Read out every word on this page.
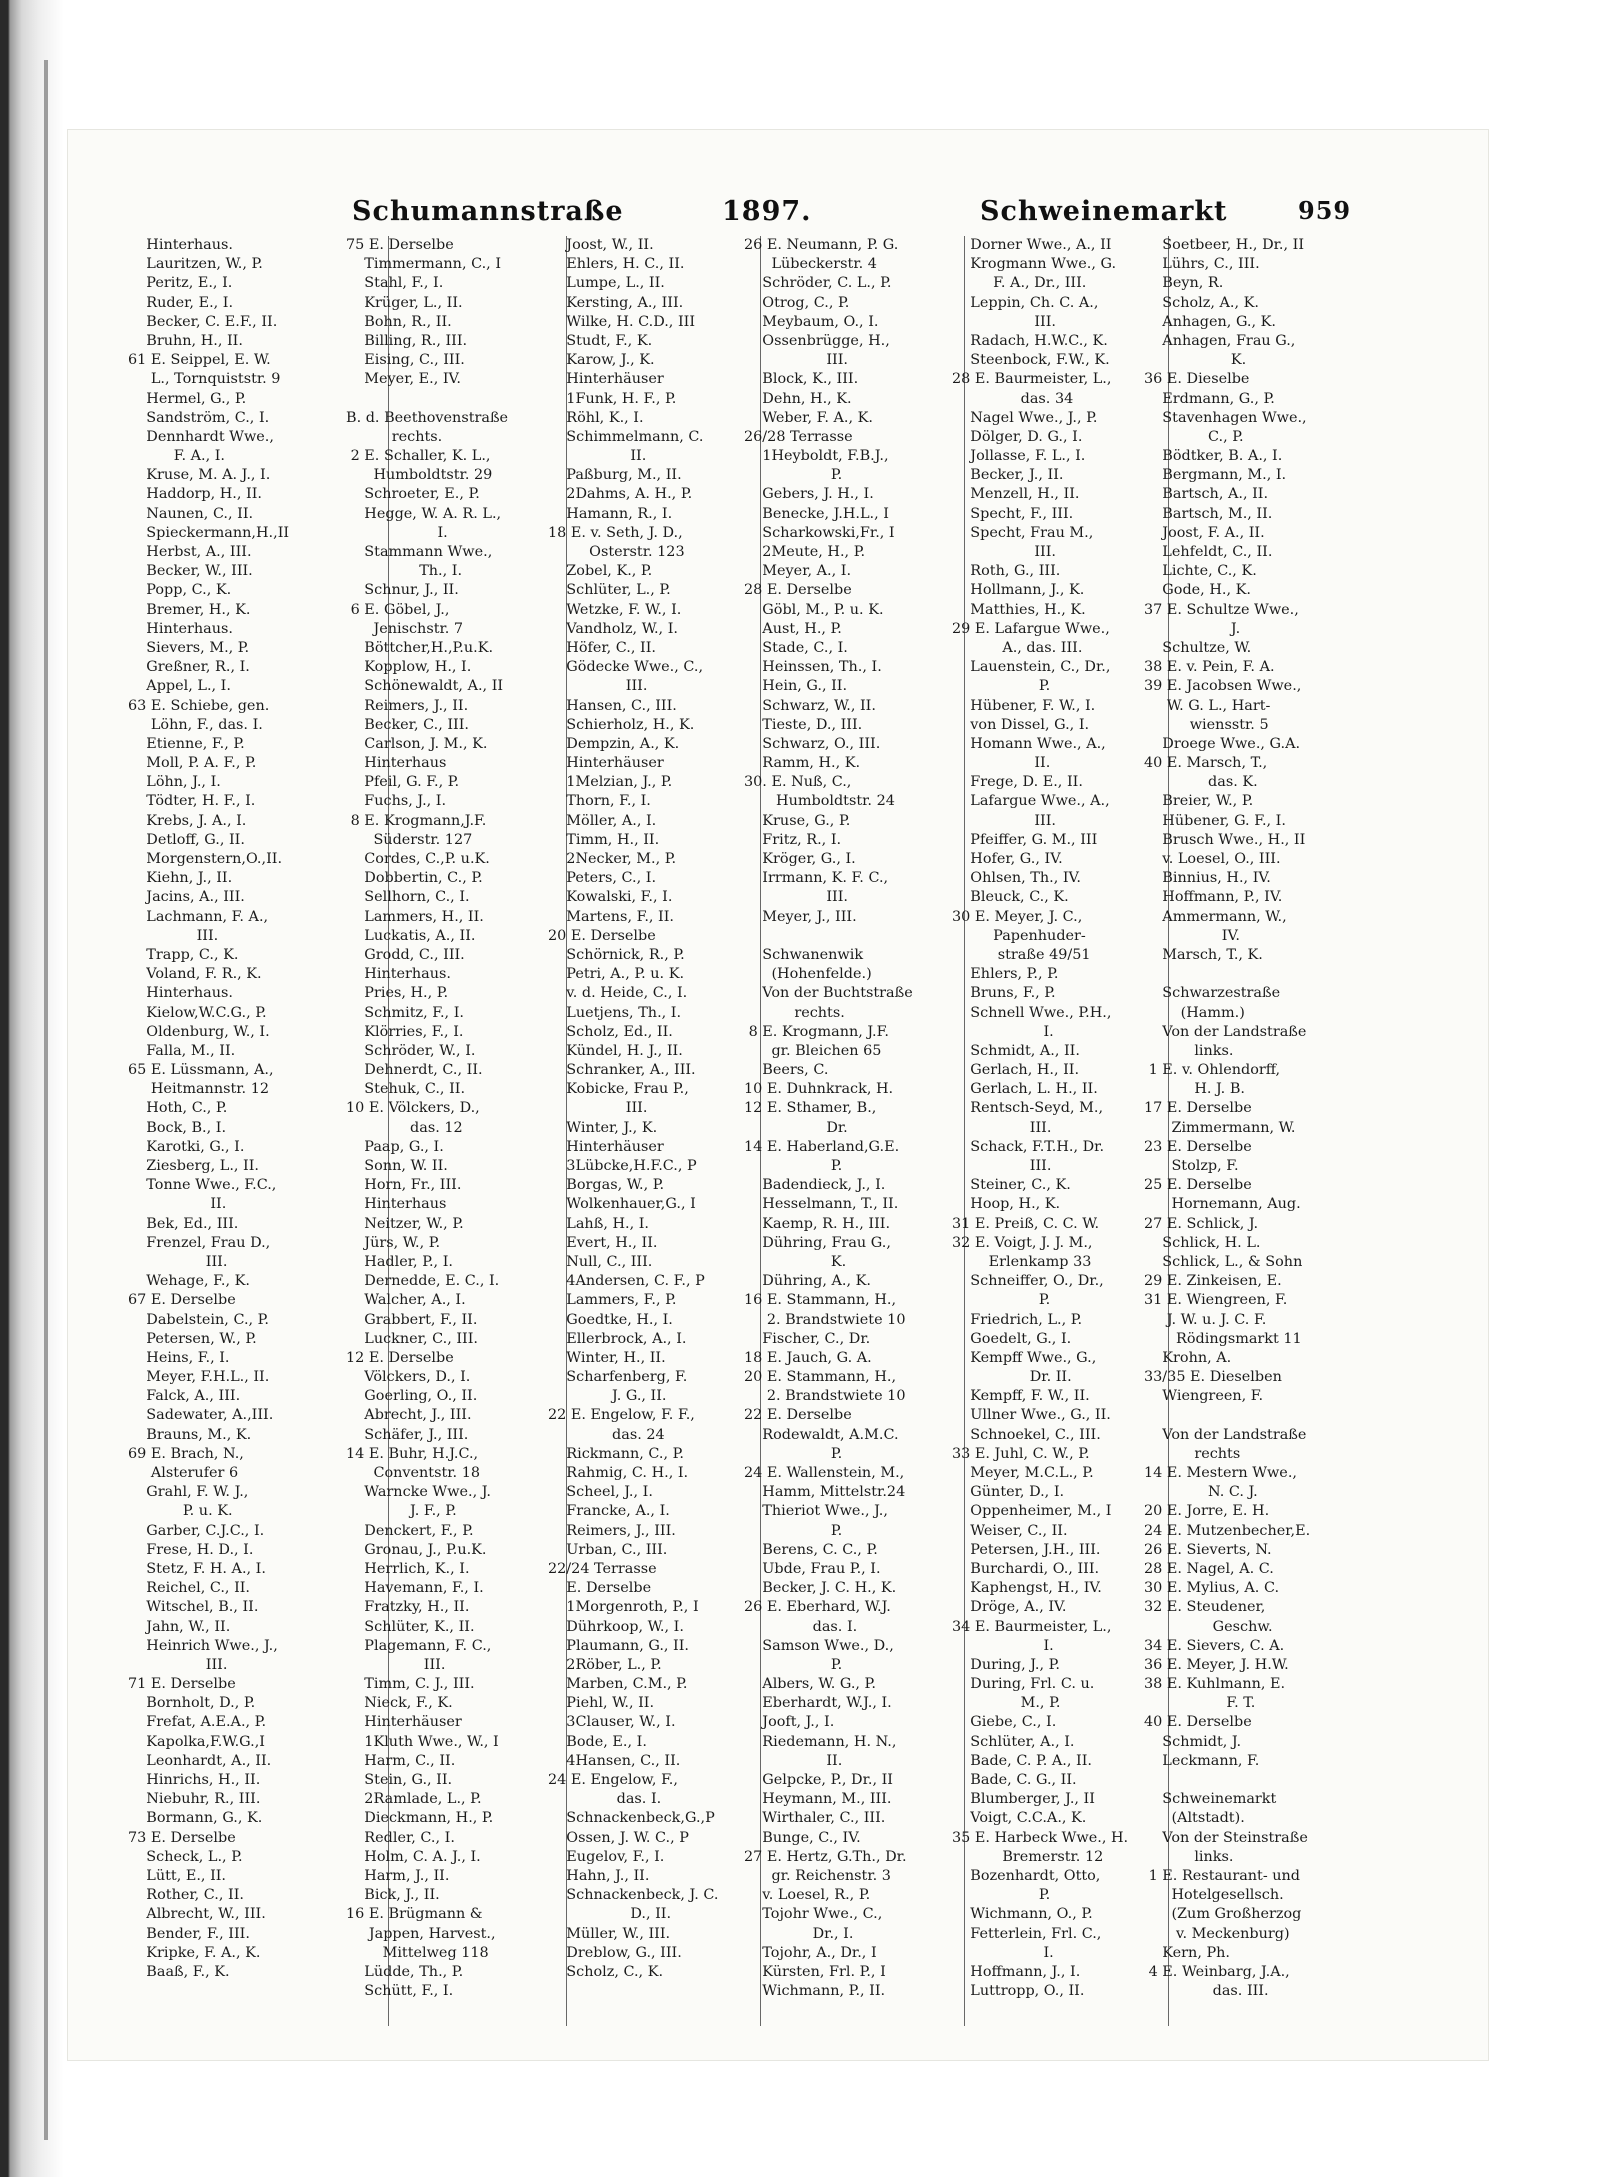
Schumannstraße	1897.	Schweinemarkt	959
Hinterhaus.
Lauritzen, W., P.
Peritz, E., I.
Ruder, E., I.
Becker, C. E.F., II.
Bruhn, H., II.
61 E. Seippel, E. W.
L., Tornquiststr. 9
Hermel, G., P.
Sandström, C., I.
Dennhardt Wwe.,
F. A., I.
Kruse, M. A. J., I.
Haddorp, H., II.
Naunen, C., II.
Spieckermann,H.,II
Herbst, A., III.
Becker, W., III.
Popp, C., K.
Bremer, H., K.
Hinterhaus.
Sievers, M., P.
Greßner, R., I.
Appel, L., I.
63 E. Schiebe, gen.
Löhn, F., das. I.
Etienne, F., P.
Moll, P. A. F., P.
Löhn, J., I.
Tödter, H. F., I.
Krebs, J. A., I.
Detloff, G., II.
Morgenstern,O.,II.
Kiehn, J., II.
Jacins, A., III.
Lachmann, F. A.,
III.
Trapp, C., K.
Voland, F. R., K.
Hinterhaus.
Kielow,W.C.G., P.
Oldenburg, W., I.
Falla, M., II.
65 E. Lüssmann, A.,
Heitmannstr. 12
Hoth, C., P.
Bock, B., I.
Karotki, G., I.
Ziesberg, L., II.
Tonne Wwe., F.C.,
II.
Bek, Ed., III.
Frenzel, Frau D.,
III.
Wehage, F., K.
67 E. Derselbe
Dabelstein, C., P.
Petersen, W., P.
Heins, F., I.
Meyer, F.H.L., II.
Falck, A., III.
Sadewater, A.,III.
Brauns, M., K.
69 E. Brach, N.,
Alsterufer 6
Grahl, F. W. J.,
P. u. K.
Garber, C.J.C., I.
Frese, H. D., I.
Stetz, F. H. A., I.
Reichel, C., II.
Witschel, B., II.
Jahn, W., II.
Heinrich Wwe., J.,
III.
71 E. Derselbe
Bornholt, D., P.
Frefat, A.E.A., P.
Kapolka,F.W.G.,I
Leonhardt, A., II.
Hinrichs, H., II.
Niebuhr, R., III.
Bormann, G., K.
73 E. Derselbe
Scheck, L., P.
Lütt, E., II.
Rother, C., II.
Albrecht, W., III.
Bender, F., III.
Kripke, F. A., K.
Baaß, F., K.
75 E. Derselbe
Timmermann, C., I
Stahl, F., I.
Krüger, L., II.
Bohn, R., II.
Billing, R., III.
Eising, C., III.
Meyer, E., IV.
B. d. Beethovenstraße
rechts.
2 E. Schaller, K. L.,
Humboldtstr. 29
Schroeter, E., P.
Hegge, W. A. R. L.,
I.
Stammann Wwe.,
Th., I.
Schnur, J., II.
6 E. Göbel, J.,
Jenischstr. 7
Böttcher,H.,P.u.K.
Kopplow, H., I.
Schönewaldt, A., II
Reimers, J., II.
Becker, C., III.
Carlson, J. M., K.
Hinterhaus
Pfeil, G. F., P.
Fuchs, J., I.
8 E. Krogmann,J.F.
Süderstr. 127
Cordes, C.,P. u.K.
Dobbertin, C., P.
Sellhorn, C., I.
Lammers, H., II.
Luckatis, A., II.
Grodd, C., III.
Hinterhaus.
Pries, H., P.
Schmitz, F., I.
Klörries, F., I.
Schröder, W., I.
Dehnerdt, C., II.
Stehuk, C., II.
10 E. Völckers, D.,
das. 12
Paap, G., I.
Sonn, W. II.
Horn, Fr., III.
Hinterhaus
Neitzer, W., P.
Jürs, W., P.
Hadler, P., I.
Dernedde, E. C., I.
Walcher, A., I.
Grabbert, F., II.
Luckner, C., III.
12 E. Derselbe
Völckers, D., I.
Goerling, O., II.
Abrecht, J., III.
Schäfer, J., III.
14 E. Buhr, H.J.C.,
Conventstr. 18
Warncke Wwe., J.
J. F., P.
Denckert, F., P.
Gronau, J., P.u.K.
Herrlich, K., I.
Havemann, F., I.
Fratzky, H., II.
Schlüter, K., II.
Plagemann, F. C.,
III.
Timm, C. J., III.
Nieck, F., K.
Hinterhäuser
1Kluth Wwe., W., I
Harm, C., II.
Stein, G., II.
2Ramlade, L., P.
Dieckmann, H., P.
Redler, C., I.
Holm, C. A. J., I.
Harm, J., II.
Bick, J., II.
16 E. Brügmann &
Jappen, Harvest.,
Mittelweg 118
Lüdde, Th., P.
Schütt, F., I.
Joost, W., II.
Ehlers, H. C., II.
Lumpe, L., II.
Kersting, A., III.
Wilke, H. C.D., III
Studt, F., K.
Karow, J., K.
Hinterhäuser
1Funk, H. F., P.
Röhl, K., I.
Schimmelmann, C.
II.
Paßburg, M., II.
2Dahms, A. H., P.
Hamann, R., I.
18 E. v. Seth, J. D.,
Osterstr. 123
Zobel, K., P.
Schlüter, L., P.
Wetzke, F. W., I.
Vandholz, W., I.
Höfer, C., II.
Gödecke Wwe., C.,
III.
Hansen, C., III.
Schierholz, H., K.
Dempzin, A., K.
Hinterhäuser
1Melzian, J., P.
Thorn, F., I.
Möller, A., I.
Timm, H., II.
2Necker, M., P.
Peters, C., I.
Kowalski, F., I.
Martens, F., II.
20 E. Derselbe
Schörnick, R., P.
Petri, A., P. u. K.
v. d. Heide, C., I.
Luetjens, Th., I.
Scholz, Ed., II.
Kündel, H. J., II.
Schranker, A., III.
Kobicke, Frau P.,
III.
Winter, J., K.
Hinterhäuser
3Lübcke,H.F.C., P
Borgas, W., P.
Wolkenhauer,G., I
Lahß, H., I.
Evert, H., II.
Null, C., III.
4Andersen, C. F., P
Lammers, F., P.
Goedtke, H., I.
Ellerbrock, A., I.
Winter, H., II.
Scharfenberg, F.
J. G., II.
22 E. Engelow, F. F.,
das. 24
Rickmann, C., P.
Rahmig, C. H., I.
Scheel, J., I.
Francke, A., I.
Reimers, J., III.
Urban, C., III.
22/24 Terrasse
E. Derselbe
1Morgenroth, P., I
Dührkoop, W., I.
Plaumann, G., II.
2Röber, L., P.
Marben, C.M., P.
Piehl, W., II.
3Clauser, W., I.
Bode, E., I.
4Hansen, C., II.
24 E. Engelow, F.,
das. I.
Schnackenbeck,G.,P
Ossen, J. W. C., P
Eugelov, F., I.
Hahn, J., II.
Schnackenbeck, J. C.
D., II.
Müller, W., III.
Dreblow, G., III.
Scholz, C., K.
26 E. Neumann, P. G.
Lübeckerstr. 4
Schröder, C. L., P.
Otrog, C., P.
Meybaum, O., I.
Ossenbrügge, H.,
III.
Block, K., III.
Dehn, H., K.
Weber, F. A., K.
26/28 Terrasse
1Heyboldt, F.B.J.,
P.
Gebers, J. H., I.
Benecke, J.H.L., I
Scharkowski,Fr., I
2Meute, H., P.
Meyer, A., I.
28 E. Derselbe
Göbl, M., P. u. K.
Aust, H., P.
Stade, C., I.
Heinssen, Th., I.
Hein, G., II.
Schwarz, W., II.
Tieste, D., III.
Schwarz, O., III.
Ramm, H., K.
30. E. Nuß, C.,
Humboldtstr. 24
Kruse, G., P.
Fritz, R., I.
Kröger, G., I.
Irrmann, K. F. C.,
III.
Meyer, J., III.
Schwanenwik
(Hohenfelde.)
Von der Buchtstraße
rechts.
8 E. Krogmann, J.F.
gr. Bleichen 65
Beers, C.
10 E. Duhnkrack, H.
12 E. Sthamer, B.,
Dr.
14 E. Haberland,G.E.
P.
Badendieck, J., I.
Hesselmann, T., II.
Kaemp, R. H., III.
Dühring, Frau G.,
K.
Dühring, A., K.
16 E. Stammann, H.,
2. Brandstwiete 10
Fischer, C., Dr.
18 E. Jauch, G. A.
20 E. Stammann, H.,
2. Brandstwiete 10
22 E. Derselbe
Rodewaldt, A.M.C.
P.
24 E. Wallenstein, M.,
Hamm, Mittelstr.24
Thieriot Wwe., J.,
P.
Berens, C. C., P.
Ubde, Frau P., I.
Becker, J. C. H., K.
26 E. Eberhard, W.J.
das. I.
Samson Wwe., D.,
P.
Albers, W. G., P.
Eberhardt, W.J., I.
Jooft, J., I.
Riedemann, H. N.,
II.
Gelpcke, P., Dr., II
Heymann, M., III.
Wirthaler, C., III.
Bunge, C., IV.
27 E. Hertz, G.Th., Dr.
gr. Reichenstr. 3
v. Loesel, R., P.
Tojohr Wwe., C.,
Dr., I.
Tojohr, A., Dr., I
Kürsten, Frl. P., I
Wichmann, P., II.
Dorner Wwe., A., II
Krogmann Wwe., G.
F. A., Dr., III.
Leppin, Ch. C. A.,
III.
Radach, H.W.C., K.
Steenbock, F.W., K.
28 E. Baurmeister, L.,
das. 34
Nagel Wwe., J., P.
Dölger, D. G., I.
Jollasse, F. L., I.
Becker, J., II.
Menzell, H., II.
Specht, F., III.
Specht, Frau M.,
III.
Roth, G., III.
Hollmann, J., K.
Matthies, H., K.
29 E. Lafargue Wwe.,
A., das. III.
Lauenstein, C., Dr.,
P.
Hübener, F. W., I.
von Dissel, G., I.
Homann Wwe., A.,
II.
Frege, D. E., II.
Lafargue Wwe., A.,
III.
Pfeiffer, G. M., III
Hofer, G., IV.
Ohlsen, Th., IV.
Bleuck, C., K.
30 E. Meyer, J. C.,
Papenhuder-
straße 49/51
Ehlers, P., P.
Bruns, F., P.
Schnell Wwe., P.H.,
I.
Schmidt, A., II.
Gerlach, H., II.
Gerlach, L. H., II.
Rentsch-Seyd, M.,
III.
Schack, F.T.H., Dr.
III.
Steiner, C., K.
Hoop, H., K.
31 E. Preiß, C. C. W.
32 E. Voigt, J. J. M.,
Erlenkamp 33
Schneiffer, O., Dr.,
P.
Friedrich, L., P.
Goedelt, G., I.
Kempff Wwe., G.,
Dr. II.
Kempff, F. W., II.
Ullner Wwe., G., II.
Schnoekel, C., III.
33 E. Juhl, C. W., P.
Meyer, M.C.L., P.
Günter, D., I.
Oppenheimer, M., I
Weiser, C., II.
Petersen, J.H., III.
Burchardi, O., III.
Kaphengst, H., IV.
Dröge, A., IV.
34 E. Baurmeister, L.,
I.
During, J., P.
During, Frl. C. u.
M., P.
Giebe, C., I.
Schlüter, A., I.
Bade, C. P. A., II.
Bade, C. G., II.
Blumberger, J., II
Voigt, C.C.A., K.
35 E. Harbeck Wwe., H.
Bremerstr. 12
Bozenhardt, Otto,
P.
Wichmann, O., P.
Fetterlein, Frl. C.,
I.
Hoffmann, J., I.
Luttropp, O., II.
Soetbeer, H., Dr., II
Lührs, C., III.
Beyn, R.
Scholz, A., K.
Anhagen, G., K.
Anhagen, Frau G.,
K.
36 E. Dieselbe
Erdmann, G., P.
Stavenhagen Wwe.,
C., P.
Bödtker, B. A., I.
Bergmann, M., I.
Bartsch, A., II.
Bartsch, M., II.
Joost, F. A., II.
Lehfeldt, C., II.
Lichte, C., K.
Gode, H., K.
37 E. Schultze Wwe.,
J.
Schultze, W.
38 E. v. Pein, F. A.
39 E. Jacobsen Wwe.,
W. G. L., Hart-
wiensstr. 5
Droege Wwe., G.A.
40 E. Marsch, T.,
das. K.
Breier, W., P.
Hübener, G. F., I.
Brusch Wwe., H., II
v. Loesel, O., III.
Binnius, H., IV.
Hoffmann, P., IV.
Ammermann, W.,
IV.
Marsch, T., K.
Schwarzestraße
(Hamm.)
Von der Landstraße
links.
1 E. v. Ohlendorff,
H. J. B.
17 E. Derselbe
Zimmermann, W.
23 E. Derselbe
Stolzp, F.
25 E. Derselbe
Hornemann, Aug.
27 E. Schlick, J.
Schlick, H. L.
Schlick, L., & Sohn
29 E. Zinkeisen, E.
31 E. Wiengreen, F.
J. W. u. J. C. F.
Rödingsmarkt 11
Krohn, A.
33/35 E. Dieselben
Wiengreen, F.
Von der Landstraße
rechts
14 E. Mestern Wwe.,
N. C. J.
20 E. Jorre, E. H.
24 E. Mutzenbecher,E.
26 E. Sieverts, N.
28 E. Nagel, A. C.
30 E. Mylius, A. C.
32 E. Steudener,
Geschw.
34 E. Sievers, C. A.
36 E. Meyer, J. H.W.
38 E. Kuhlmann, E.
F. T.
40 E. Derselbe
Schmidt, J.
Leckmann, F.
Schweinemarkt
(Altstadt).
Von der Steinstraße
links.
1 E. Restaurant- und
Hotelgesellsch.
(Zum Großherzog
v. Meckenburg)
Kern, Ph.
4 E. Weinbarg, J.A.,
das. III.
